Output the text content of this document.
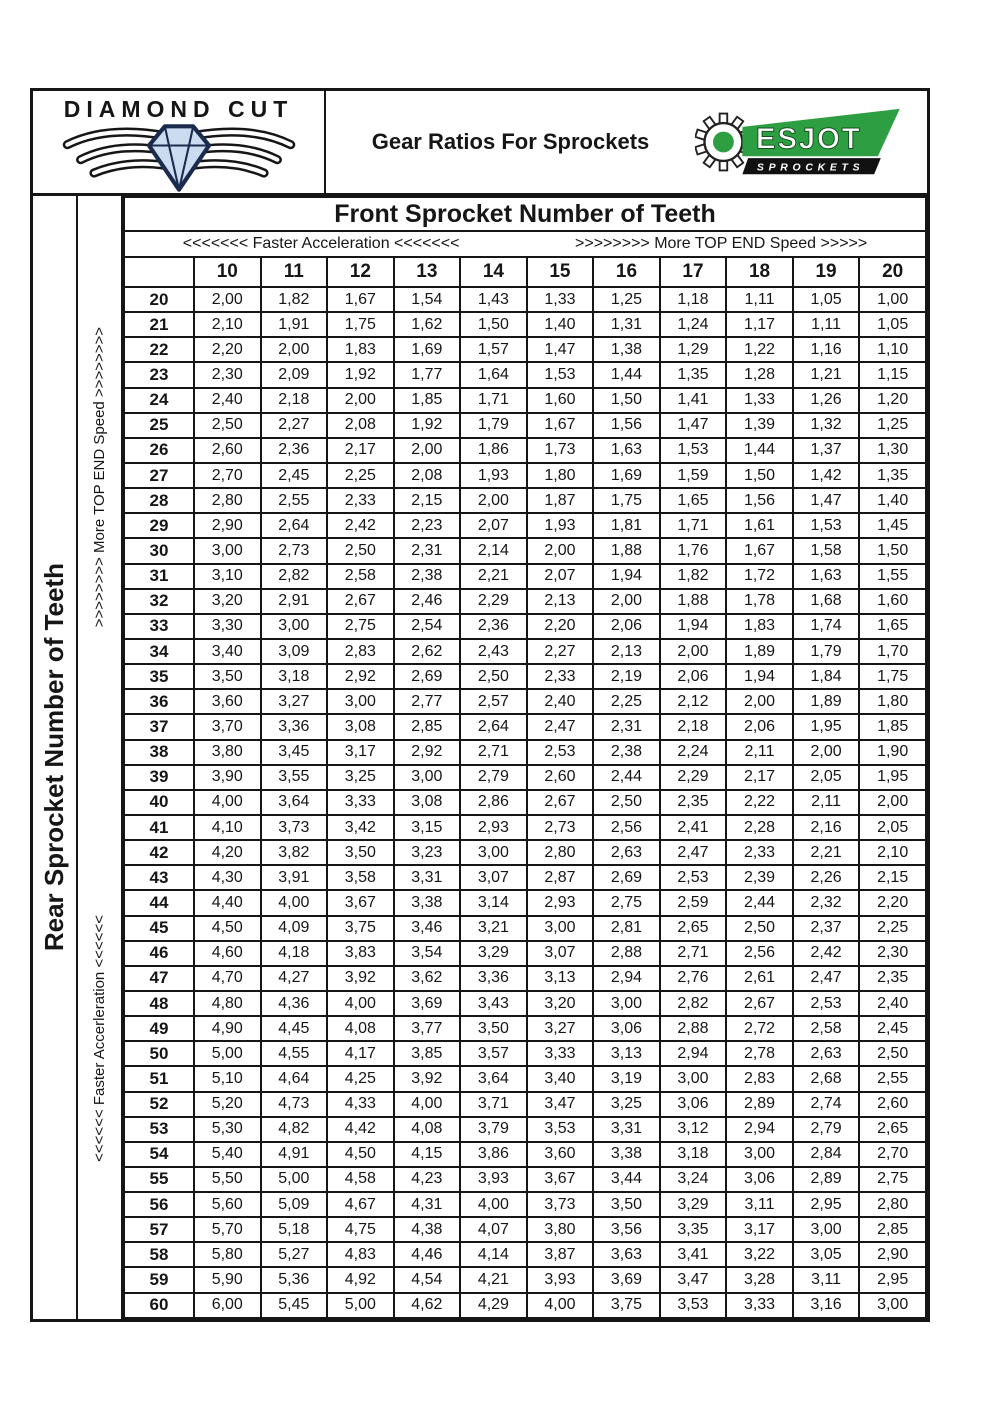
DIAMOND CUT
Gear Ratios For Sprockets	ESJOT
SPROCKETS
Rear Sprocket Number of Teeth
>>>>>>>> More TOP END Speed >>>>>>>>
<<<<<< Faster Accerleration <<<<<<
Front Sprocket Number of Teeth											

<<<<<<< Faster Acceleration <<<<<<< >>>>>>>> More TOP END Speed >>>>>											

	10	11	12	13	14	15	16	17	18	19	20
20	2,00	1,82	1,67	1,54	1,43	1,33	1,25	1,18	1,11	1,05	1,00
21	2,10	1,91	1,75	1,62	1,50	1,40	1,31	1,24	1,17	1,11	1,05
22	2,20	2,00	1,83	1,69	1,57	1,47	1,38	1,29	1,22	1,16	1,10
23	2,30	2,09	1,92	1,77	1,64	1,53	1,44	1,35	1,28	1,21	1,15
24	2,40	2,18	2,00	1,85	1,71	1,60	1,50	1,41	1,33	1,26	1,20
25	2,50	2,27	2,08	1,92	1,79	1,67	1,56	1,47	1,39	1,32	1,25
26	2,60	2,36	2,17	2,00	1,86	1,73	1,63	1,53	1,44	1,37	1,30
27	2,70	2,45	2,25	2,08	1,93	1,80	1,69	1,59	1,50	1,42	1,35
28	2,80	2,55	2,33	2,15	2,00	1,87	1,75	1,65	1,56	1,47	1,40
29	2,90	2,64	2,42	2,23	2,07	1,93	1,81	1,71	1,61	1,53	1,45
30	3,00	2,73	2,50	2,31	2,14	2,00	1,88	1,76	1,67	1,58	1,50
31	3,10	2,82	2,58	2,38	2,21	2,07	1,94	1,82	1,72	1,63	1,55
32	3,20	2,91	2,67	2,46	2,29	2,13	2,00	1,88	1,78	1,68	1,60
33	3,30	3,00	2,75	2,54	2,36	2,20	2,06	1,94	1,83	1,74	1,65
34	3,40	3,09	2,83	2,62	2,43	2,27	2,13	2,00	1,89	1,79	1,70
35	3,50	3,18	2,92	2,69	2,50	2,33	2,19	2,06	1,94	1,84	1,75
36	3,60	3,27	3,00	2,77	2,57	2,40	2,25	2,12	2,00	1,89	1,80
37	3,70	3,36	3,08	2,85	2,64	2,47	2,31	2,18	2,06	1,95	1,85
38	3,80	3,45	3,17	2,92	2,71	2,53	2,38	2,24	2,11	2,00	1,90
39	3,90	3,55	3,25	3,00	2,79	2,60	2,44	2,29	2,17	2,05	1,95
40	4,00	3,64	3,33	3,08	2,86	2,67	2,50	2,35	2,22	2,11	2,00
41	4,10	3,73	3,42	3,15	2,93	2,73	2,56	2,41	2,28	2,16	2,05
42	4,20	3,82	3,50	3,23	3,00	2,80	2,63	2,47	2,33	2,21	2,10
43	4,30	3,91	3,58	3,31	3,07	2,87	2,69	2,53	2,39	2,26	2,15
44	4,40	4,00	3,67	3,38	3,14	2,93	2,75	2,59	2,44	2,32	2,20
45	4,50	4,09	3,75	3,46	3,21	3,00	2,81	2,65	2,50	2,37	2,25
46	4,60	4,18	3,83	3,54	3,29	3,07	2,88	2,71	2,56	2,42	2,30
47	4,70	4,27	3,92	3,62	3,36	3,13	2,94	2,76	2,61	2,47	2,35
48	4,80	4,36	4,00	3,69	3,43	3,20	3,00	2,82	2,67	2,53	2,40
49	4,90	4,45	4,08	3,77	3,50	3,27	3,06	2,88	2,72	2,58	2,45
50	5,00	4,55	4,17	3,85	3,57	3,33	3,13	2,94	2,78	2,63	2,50
51	5,10	4,64	4,25	3,92	3,64	3,40	3,19	3,00	2,83	2,68	2,55
52	5,20	4,73	4,33	4,00	3,71	3,47	3,25	3,06	2,89	2,74	2,60
53	5,30	4,82	4,42	4,08	3,79	3,53	3,31	3,12	2,94	2,79	2,65
54	5,40	4,91	4,50	4,15	3,86	3,60	3,38	3,18	3,00	2,84	2,70
55	5,50	5,00	4,58	4,23	3,93	3,67	3,44	3,24	3,06	2,89	2,75
56	5,60	5,09	4,67	4,31	4,00	3,73	3,50	3,29	3,11	2,95	2,80
57	5,70	5,18	4,75	4,38	4,07	3,80	3,56	3,35	3,17	3,00	2,85
58	5,80	5,27	4,83	4,46	4,14	3,87	3,63	3,41	3,22	3,05	2,90
59	5,90	5,36	4,92	4,54	4,21	3,93	3,69	3,47	3,28	3,11	2,95
60	6,00	5,45	5,00	4,62	4,29	4,00	3,75	3,53	3,33	3,16	3,00
